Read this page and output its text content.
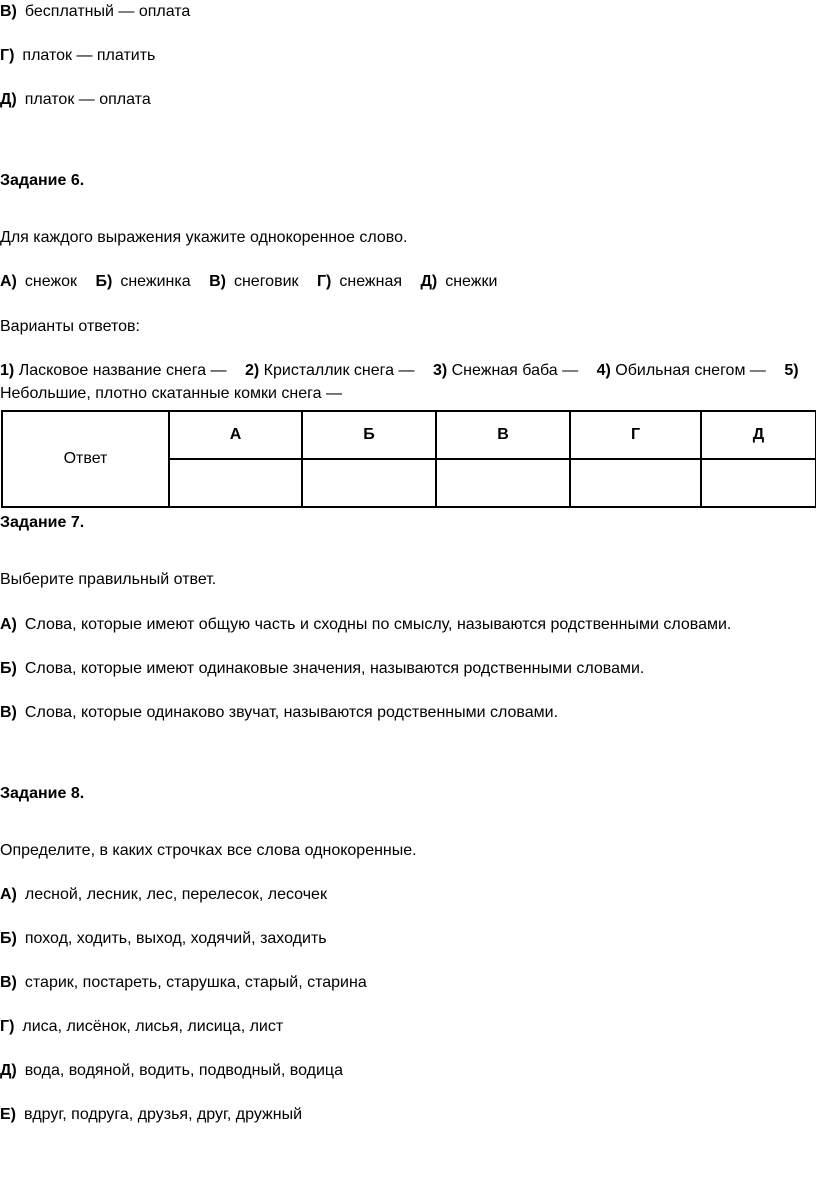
В) бесплатный — оплата
Г) платок — платить
Д) платок — оплата
Задание 6.
Для каждого выражения укажите однокоренное слово.
А) снежок Б) снежинка В) снеговик Г) снежная Д) снежки
Варианты ответов:
1) Ласковое название снега — 2) Кристаллик снега — 3) Снежная баба — 4) Обильная снегом — 5)
Небольшие, плотно скатанные комки снега —
Ответ	А	Б	В	Г	Д

Задание 7.
Выберите правильный ответ.
А) Слова, которые имеют общую часть и сходны по смыслу, называются родственными словами.
Б) Слова, которые имеют одинаковые значения, называются родственными словами.
В) Слова, которые одинаково звучат, называются родственными словами.
Задание 8.
Определите, в каких строчках все слова однокоренные.
А) лесной, лесник, лес, перелесок, лесочек
Б) поход, ходить, выход, ходячий, заходить
В) старик, постареть, старушка, старый, старина
Г) лиса, лисёнок, лисья, лисица, лист
Д) вода, водяной, водить, подводный, водица
Е) вдруг, подруга, друзья, друг, дружный
